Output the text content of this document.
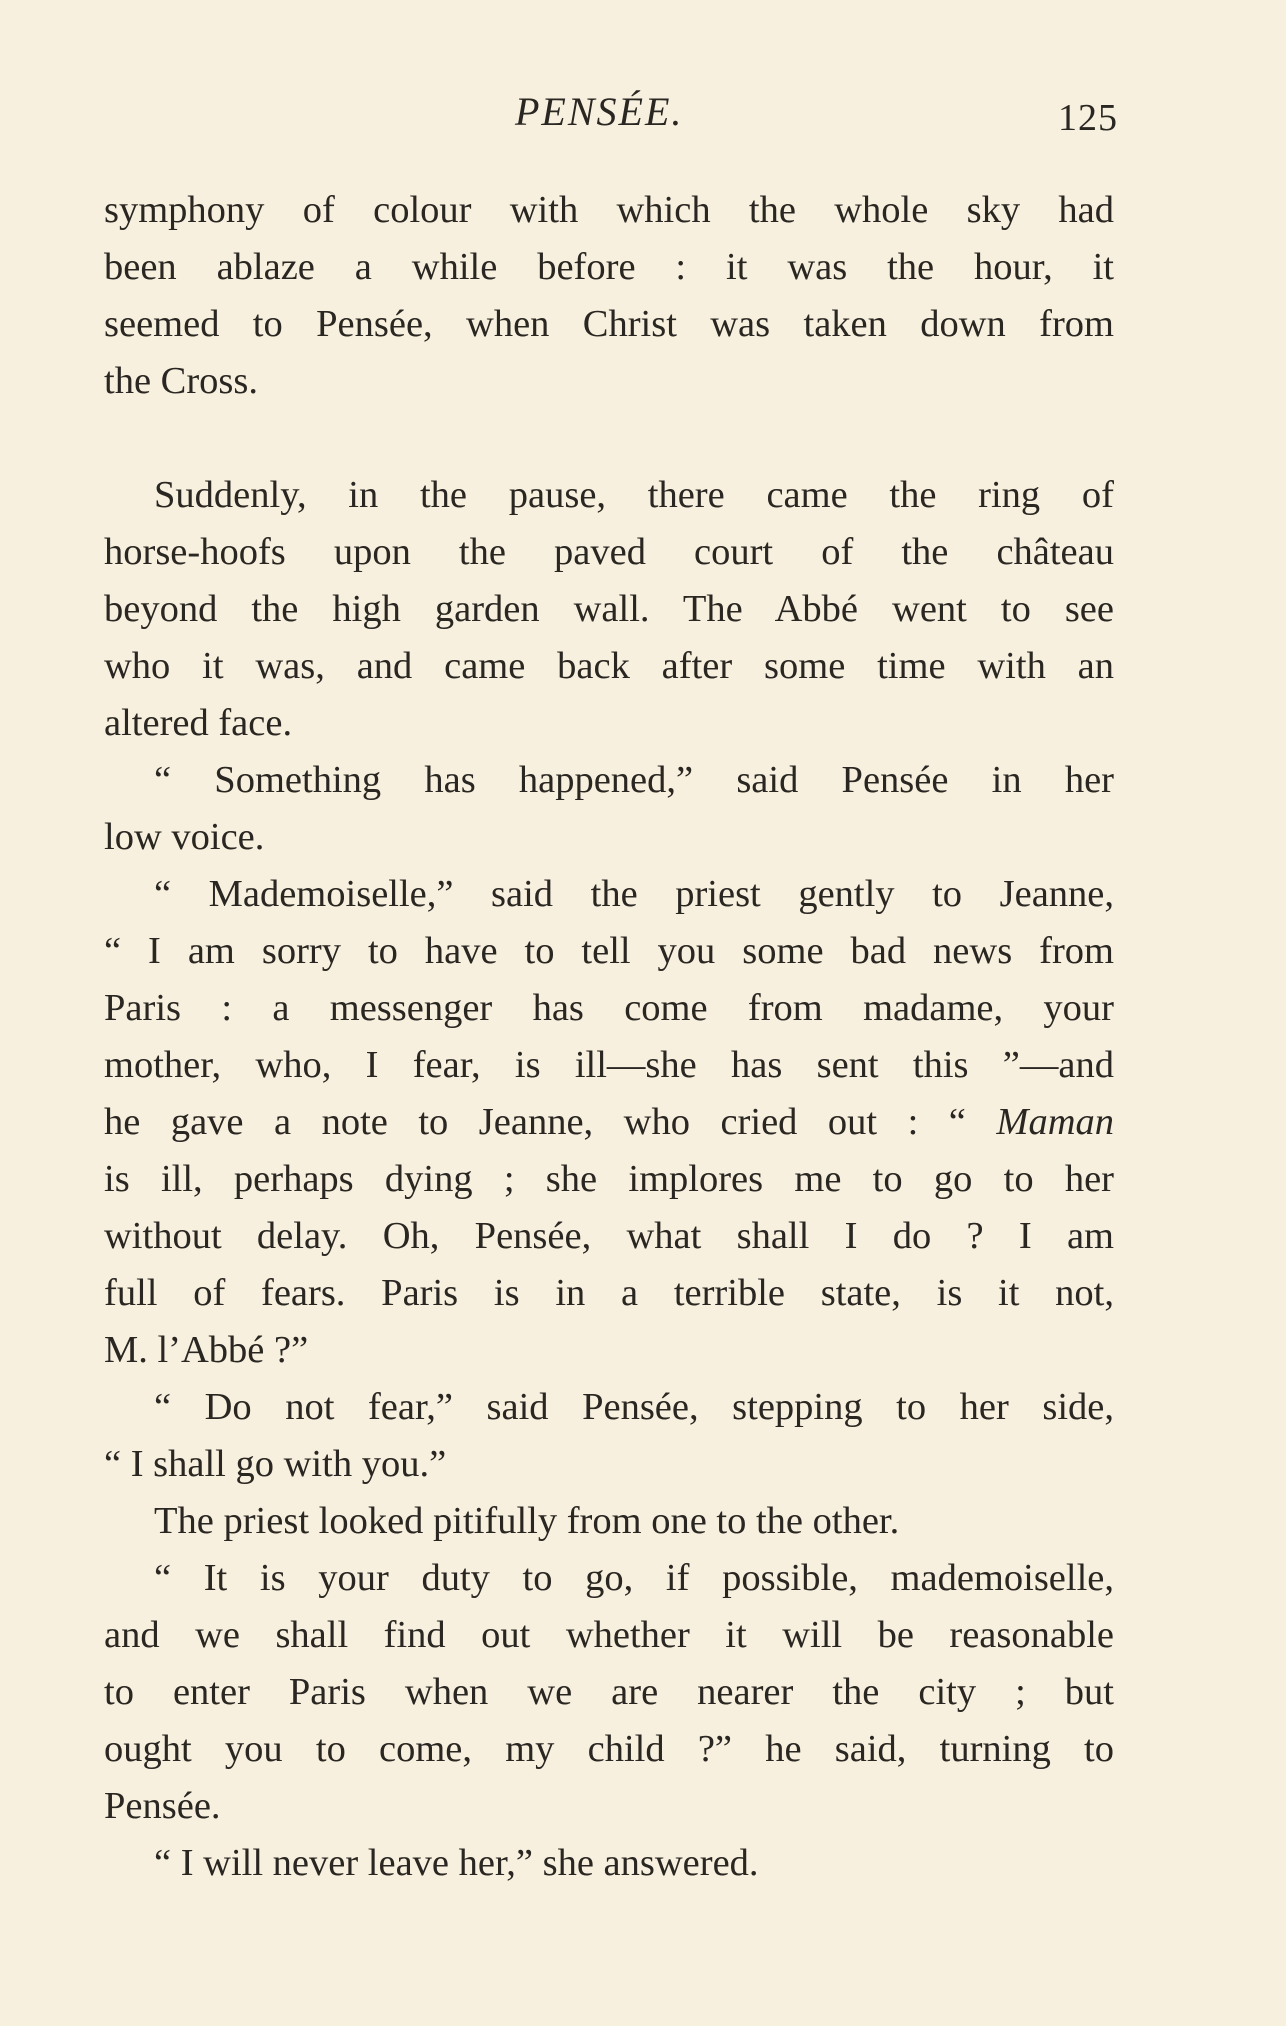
PENSÉE.	125
symphony of colour with which the whole sky had
been ablaze a while before : it was the hour, it
seemed to Pensée, when Christ was taken down from
the Cross.
Suddenly, in the pause, there came the ring of
horse-hoofs upon the paved court of the château
beyond the high garden wall. The Abbé went to see
who it was, and came back after some time with an
altered face.
“ Something has happened,” said Pensée in her
low voice.
“ Mademoiselle,” said the priest gently to Jeanne,
“ I am sorry to have to tell you some bad news from
Paris : a messenger has come from madame, your
mother, who, I fear, is ill—she has sent this ”—and
he gave a note to Jeanne, who cried out : “ Maman
is ill, perhaps dying ; she implores me to go to her
without delay. Oh, Pensée, what shall I do ? I am
full of fears. Paris is in a terrible state, is it not,
M. l’Abbé ?”
“ Do not fear,” said Pensée, stepping to her side,
“ I shall go with you.”
The priest looked pitifully from one to the other.
“ It is your duty to go, if possible, mademoiselle,
and we shall find out whether it will be reasonable
to enter Paris when we are nearer the city ; but
ought you to come, my child ?” he said, turning to
Pensée.
“ I will never leave her,” she answered.
